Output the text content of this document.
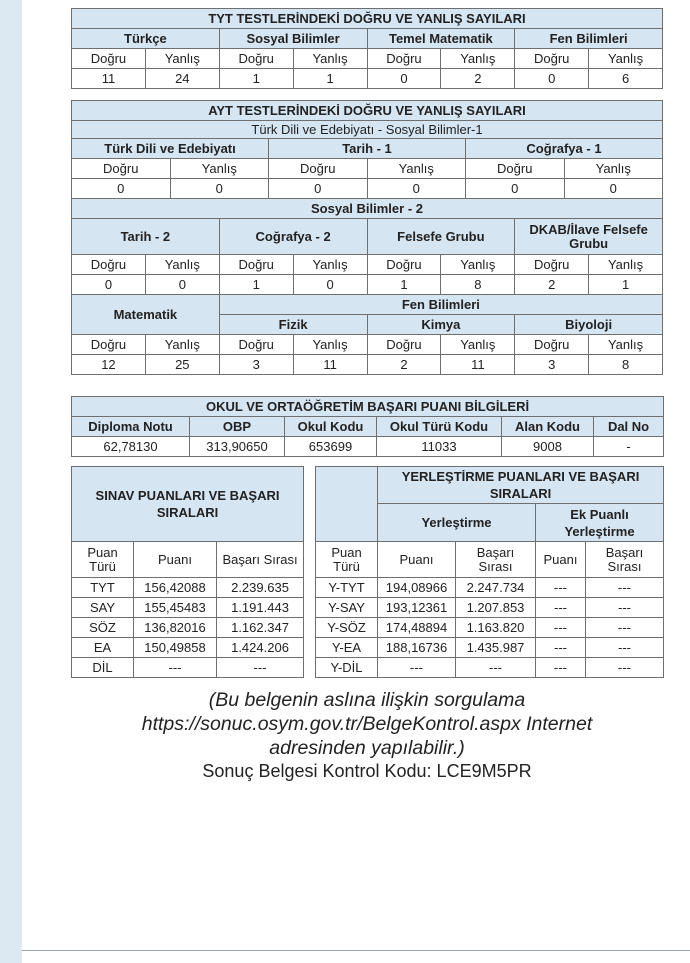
TYT TESTLERİNDEKİ DOĞRU VE YANLIŞ SAYILARI							
Türkçe		Sosyal Bilimler		Temel Matematik		Fen Bilimleri	
Doğru	Yanlış	Doğru	Yanlış	Doğru	Yanlış	Doğru	Yanlış
11	24	1	1	0	2	0	6
AYT TESTLERİNDEKİ DOĞRU VE YANLIŞ SAYILARI											
Türk Dili ve Edebiyatı - Sosyal Bilimler-1											
Türk Dili ve Edebiyatı				Tarih - 1				Coğrafya - 1			
Doğru		Yanlış		Doğru		Yanlış		Doğru		Yanlış	
0		0		0		0		0		0	
Sosyal Bilimler - 2											
Tarih - 2			Coğrafya - 2			Felsefe Grubu			DKAB/İlave Felsefe Grubu		
Doğru	Yanlış		Doğru		Yanlış	Doğru	Yanlış		Doğru		Yanlış
0	0		1		0	1	8		2		1
Matematik			Fen Bilimleri								
			Fizik			Kimya			Biyoloji		
Doğru	Yanlış		Doğru		Yanlış	Doğru	Yanlış		Doğru		Yanlış
12	25		3		11	2	11		3		8
OKUL VE ORTAÖĞRETİM BAŞARI PUANI BİLGİLERİ					
Diploma Notu	OBP	Okul Kodu	Okul Türü Kodu	Alan Kodu	Dal No
62,78130	313,90650	653699	11033	9008	-
SINAV PUANLARI VE BAŞARI SIRALARI		
Puan Türü	Puanı	Başarı Sırası
TYT	156,42088	2.239.635
SAY	155,45483	1.191.443
SÖZ	136,82016	1.162.347
EA	150,49858	1.424.206
DİL	---	---
	YERLEŞTİRME PUANLARI VE BAŞARI SIRALARI			
	Yerleştirme		Ek Puanlı Yerleştirme	
Puan Türü	Puanı	Başarı Sırası	Puanı	Başarı Sırası
Y-TYT	194,08966	2.247.734	---	---
Y-SAY	193,12361	1.207.853	---	---
Y-SÖZ	174,48894	1.163.820	---	---
Y-EA	188,16736	1.435.987	---	---
Y-DİL	---	---	---	---

(Bu belgenin aslına ilişkin sorgulama

https://sonuc.osym.gov.tr/BelgeKontrol.aspx Internet

adresinden yapılabilir.)

Sonuç Belgesi Kontrol Kodu: LCE9M5PR
